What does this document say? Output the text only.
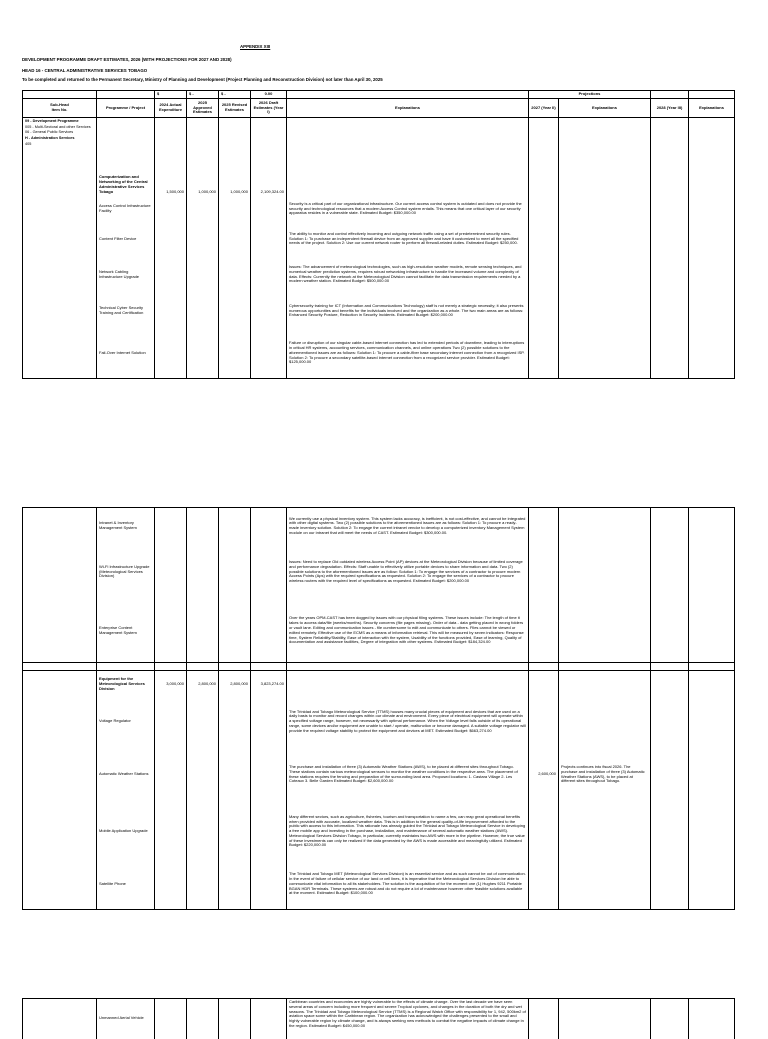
APPENDIX XIII
DEVELOPMENT PROGRAMME DRAFT ESTIMATES, 2026 (WITH PROJECTIONS FOR 2027 AND 2028)
HEAD 16 - CENTRAL ADMINISTRATIVE SERVICES TOBAGO
To be completed and returned to the Permanent Secretary, Ministry of Planning and Development (Project Planning and Reconstruction Division) not later than April 30, 2025
		$	$ -	$ -	0.00		Projections			

Sub-Head
Item No.	Programme / Project	2024 Actual Expenditure	2025 Approved Estimates	2025 Revised Estimates	2026 Draft Estimates (Year I)	Explanations	2027 (Year II)	Explanations	2028 (Year III)	Explanations

09 - Development Programme
005 - Multi-Sectoral and other Services
06 - General Public Services
H - Administration Services
405	Computerization and Networking of the Central Administrative Services Tobago	1,500,000	1,000,000	1,000,000	2,109,324.00					
	Access Control Infrastructure Facility					Security is a critical part of our organizational infrastructure. Our current access control system is outdated and does not provide the security and technological resources that a modern Access Control system entails. This means that one critical layer of our security apparatus resides in a vulnerable state. Estimated Budget: $350,000.00				
	Content Filter Device					The ability to monitor and control effectively incoming and outgoing network traffic using a set of predetermined security rules. Solution 1: To purchase an independent firewall device from an approved supplier and have it customized to meet all the specified needs of the project. Solution 2: Use our current network router to perform all firewall-related duties. Estimated Budget: $250,000.				
	Network Cabling Infrastructure Upgrade					Issues: The advancement of meteorological technologies, such as high-resolution weather models, remote sensing techniques, and numerical weather prediction systems, requires robust networking infrastructure to handle the increased volume and complexity of data. Effects: Currently the network at the Meteorological Division cannot facilitate the data transmission requirements needed by a modern weather station. Estimated Budget: $500,000.00				
	Technical Cyber Security Training and Certification					Cybersecurity training for ICT (Information and Communications Technology) staff is not merely a strategic necessity; it also presents numerous opportunities and benefits for the individuals involved and the organization as a whole. The two main areas are as follows: Enhanced Security Posture, Reduction in Security Incidents. Estimated Budget: $200,000.00				
	Fail-Over Internet Solution					Failure or disruption of our singular cable-based internet connection has led to extended periods of downtime, leading to interruptions in critical HR systems, accounting services, communication channels, and online operations Two (2) possible solutions to the aforementioned issues are as follows: Solution 1: To procure a cable-fiber base secondary internet connection from a recognized ISP. Solution 2: To procure a secondary satellite-based internet connection from a recognized service provider. Estimated Budget: $125,000.00				
	Intranet & Inventory Management System					We currently use a physical inventory system. This system lacks accuracy, is inefficient, is not cost-effective, and cannot be integrated with other digital systems. Two (2) possible solutions to the aforementioned issues are as follows: Solution 1: To procure a ready-made inventory solution. Solution 2: To engage the current intranet vendor to develop a computerized inventory Management System module on our intranet that will meet the needs of CAST. Estimated Budget: $300,000.00.				
	Wi-Fi Infrastructure Upgrade (Meteorological Services Division)					Issues: Need to replace Old outdated wireless Access Point (AP) devices at the Meteorological Division because of limited coverage and performance degradation. Effects: Staff unable to effectively utilize portable devices to share information and data. Two (2) possible solutions to the aforementioned issues are as follow: Solution 1: To engage the services of a contractor to procure modern Access Points (Aps) with the required specifications as requested. Solution 2: To engage the services of a contractor to procure wireless routers with the required level of specifications as requested. Estimated Budget: $200,000.00				
	Enterprise Content Management System					Over the years OPM-CAST has been dogged by issues with our physical filing systems. These issues include: The length of time it takes to access data/file (weeks/months). Security concerns (file pages missing). Order of data - data getting placed in wrong folders or vault lane. Editing and communication issues - file cumbersome to edit and communicate to others. Files cannot be viewed or edited remotely. Effective use of the ECMS as a means of information retrieval. This will be measured by seven indicators: Response time, System Reliability/Stability, Ease of interaction with the system, Usability of the functions provided, Ease of learning, Quality of documentation and assistance facilities, Degree of integration with other systems. Estimated Budget: $184,324.00				

	Equipment for the Meteorological Services Division	3,000,000	2,800,000	2,800,000	3,823,274.00					
	Voltage Regulator					The Trinidad and Tobago Meteorological Service (TTMS) houses many crucial pieces of equipment and devices that are used on a daily basis to monitor and record changes within our climate and environment. Every piece of electrical equipment will operate within a specified voltage range, however, not necessarily with optimal performance. When the Voltage level falls outside of its operational range, some devices and/or equipment are unable to start / operate, malfunction or become damaged. A suitable voltage regulator will provide the required voltage stability to protect the equipment and devices at MET. Estimated Budget: $663,274.00				
	Automatic Weather Stations					The purchase and installation of three (3) Automatic Weather Stations (AWS), to be placed at different sites throughout Tobago. These stations contain various meteorological sensors to monitor the weather conditions in the respective area. The placement of these stations requires the fencing and preparation of the surrounding land area. Proposed locations: 1. Castara Village 2. Les Coteaux 3. Belle Garden Estimated Budget: $2,600,000.00	2,600,000	Projects continues into fiscal 2026. The purchase and installation of three (3) Automatic Weather Stations (AWS), to be placed at different sites throughout Tobago.		
	Mobile Application Upgrade					Many different sectors, such as agriculture, fisheries, tourism and transportation to name a few, can reap great operational benefits when provided with accurate, localized weather data. This is in addition to the general quality-of-life improvement afforded to the public with access to this information. This rationale has already guided the Trinidad and Tobago Meteorological Service in developing a free mobile app and investing in the purchase, installation, and maintenance of several automatic weather stations (AWS). Meteorological Services Division Tobago, in particular, currently maintains two AWS with more in the pipeline. However, the true value of these investments can only be realized if the data generated by the AWS is made accessible and meaningfully utilized. Estimated Budget: $220,000.00				
	Satellite Phone					The Trinidad and Tobago MET (Meteorological Services Division) is an essential service and as such cannot be out of communication. In the event of failure of cellular service of our land or cell lines, it is imperative that the Meteorological Services Division be able to communicate vital information to all its stakeholders. The solution is the acquisition of for the moment one (1) Hughes 9211 Portable BGAN HDR Terminals. These systems are robust and do not require a lot of maintenance however other feasible solutions available at the moment. Estimated Budget: $100,000.00				
	Unmanned Aerial Vehicle					Caribbean countries and economies are highly vulnerable to the effects of climate change. Over the last decade we have seen several areas of concern including more frequent and severe Tropical cyclones, and changes in the duration of both the dry and wet seasons. The Trinidad and Tobago Meteorological Service (TTMS) is a Regional Watch Office with responsibility for 1, 942, 500km2 of aviation space some within the Caribbean region. The organization has acknowledged the challenges presented to the small and highly vulnerable region by climate change, and is always seeking new methods to combat the negative impacts of climate change in the region. Estimated Budget: $450,000.00				
